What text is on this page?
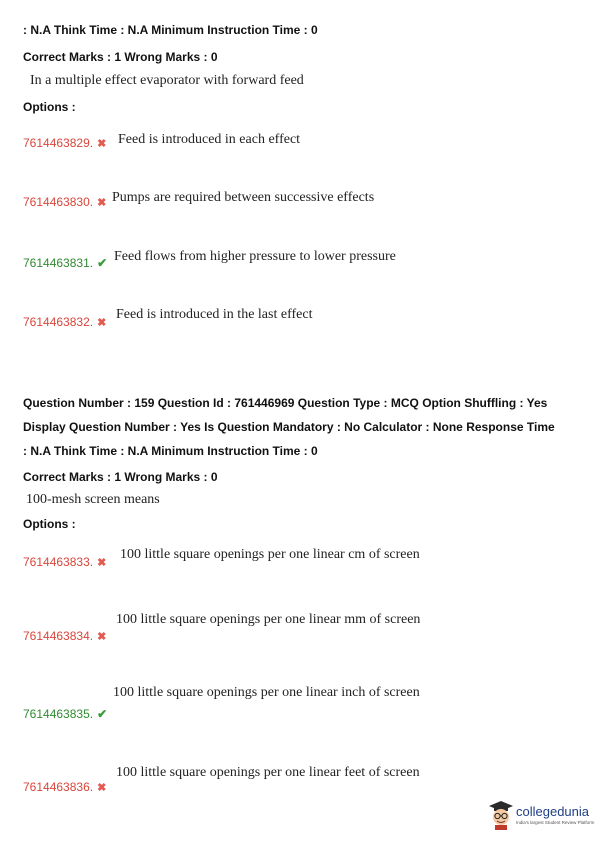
: N.A Think Time : N.A Minimum Instruction Time : 0
Correct Marks : 1 Wrong Marks : 0
In a multiple effect evaporator with forward feed
Options :
7614463829. ✖ Feed is introduced in each effect
7614463830. ✖ Pumps are required between successive effects
7614463831. ✔ Feed flows from higher pressure to lower pressure
7614463832. ✖
Feed is introduced in the last effect
Question Number : 159 Question Id : 761446969 Question Type : MCQ Option Shuffling : Yes
Display Question Number : Yes Is Question Mandatory : No Calculator : None Response Time
: N.A Think Time : N.A Minimum Instruction Time : 0
Correct Marks : 1 Wrong Marks : 0
100-mesh screen means
Options :
7614463833. ✖
100 little square openings per one linear cm of screen
7614463834. ✖
100 little square openings per one linear mm of screen
7614463835. ✔
100 little square openings per one linear inch of screen
7614463836. ✖
100 little square openings per one linear feet of screen
collegedunia
India's largest Student Review Platform
